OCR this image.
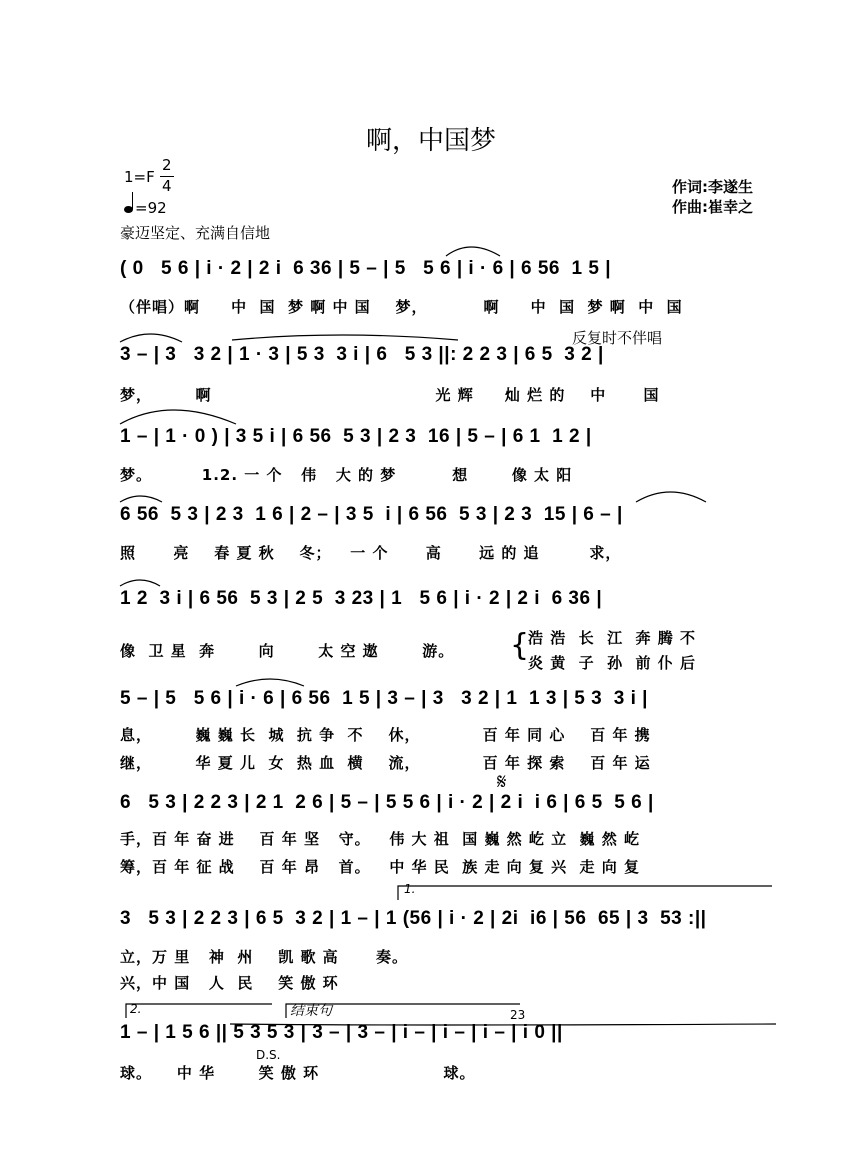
啊，中国梦
1=F
2
4
=92
豪迈坚定、充满自信地
作词:李遂生
作曲:崔幸之
反复时不伴唱
( 0   5 6 | i · 2 | 2 i  6 36 | 5 – | 5   5 6 | i · 6 | 6 56  1 5 |
（伴唱）啊     中  国  梦 啊 中 国    梦，         啊     中  国  梦 啊  中  国
3 – | 3   3 2 | 1 · 3 | 5 3  3 i | 6   5 3 ||: 2 2 3 | 6 5  3 2 |
梦，       啊                                    光 辉     灿 烂 的    中      国
1 – | 1 · 0 ) | 3 5 i | 6 56  5 3 | 2 3  16 | 5 – | 6 1  1 2 |
梦。        1.2. 一 个   伟   大 的 梦         想       像 太 阳
6 56  5 3 | 2 3  1 6 | 2 – | 3 5  i | 6 56  5 3 | 2 3  15 | 6 – |
照      亮    春 夏 秋    冬；   一 个      高      远 的 追        求，
1 2  3 i | 6 56  5 3 | 2 5  3 23 | 1   5 6 | i · 2 | 2 i  6 36 |
像  卫 星  奔       向       太 空 遨       游。 {
浩 浩  长  江  奔 腾 不
炎 黄  子  孙  前 仆 后
5 – | 5   5 6 | i · 6 | 6 56  1 5 | 3 – | 3   3 2 | 1  1 3 | 5 3  3 i |
息，       巍 巍 长  城  抗 争  不    休，          百 年 同 心    百 年 携
继，       华 夏 儿  女  热 血  横    流，          百 年 探 索    百 年 运
6   5 3 | 2 2 3 | 2 1  2 6 | 5 – | 5 5 6 | i · 2 | 2 i  i 6 | 6 5  5 6 |
手，百 年 奋 进    百 年 坚   守。   伟 大 祖  国 巍 然 屹 立  巍 然 屹
筹，百 年 征 战    百 年 昂   首。   中 华 民  族 走 向 复 兴  走 向 复
𝄋
3   5 3 | 2 2 3 | 6 5  3 2 | 1 – | 1 (56 | i · 2 | 2i  i6 | 56  65 | 3  53 :||
立，万 里   神  州    凯 歌 高      奏。
兴，中 国   人  民    笑 傲 环
1.
1 – | 1 5 6 || 5 3 5 3 | 3 – | 3 – | i – | i – | i – | i 0 ||
球。    中 华       笑 傲 环                    球。
2.	结束句
D.S.
23
